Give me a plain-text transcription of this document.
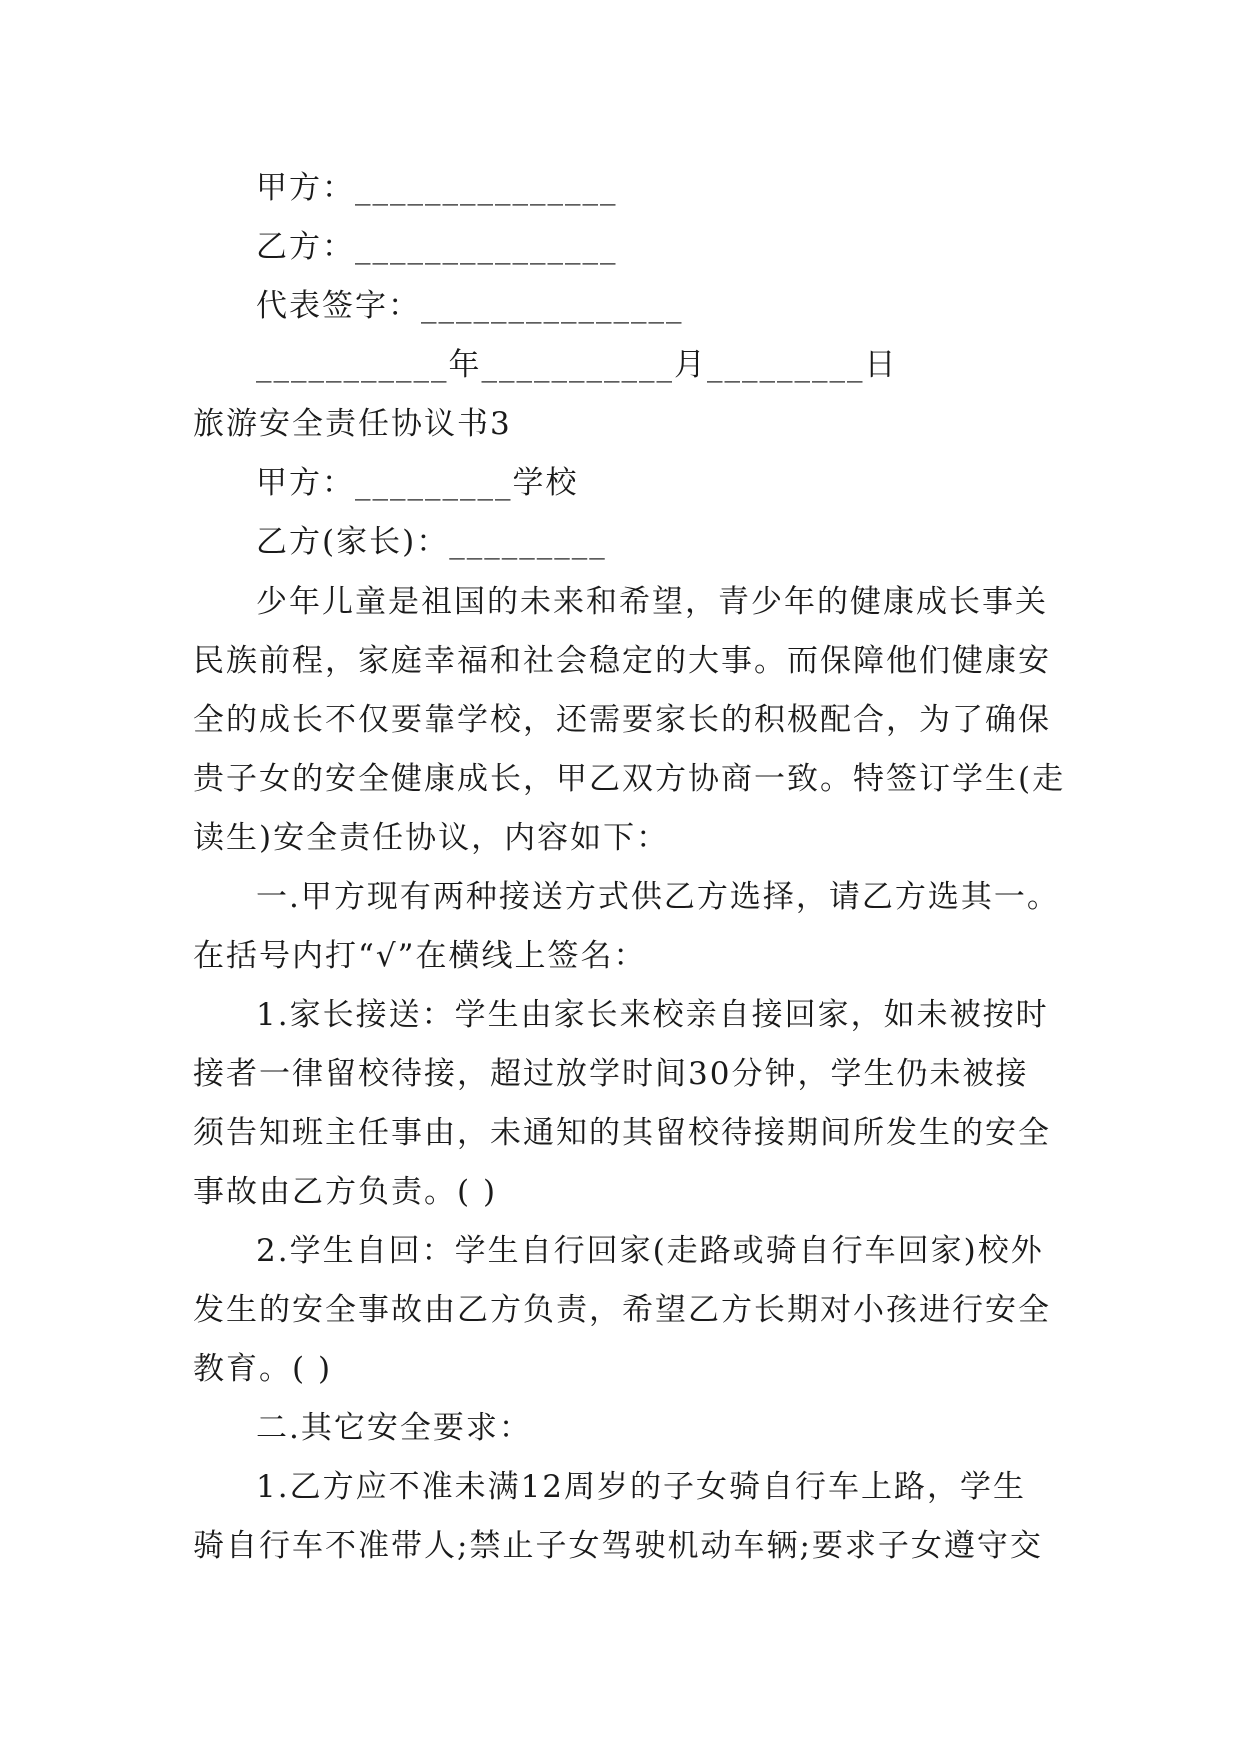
甲方：_______________
乙方：_______________
代表签字：_______________
___________年___________月_________日
旅游安全责任协议书3
甲方：_________学校
乙方(家长)：_________
少年儿童是祖国的未来和希望，青少年的健康成长事关
民族前程，家庭幸福和社会稳定的大事。而保障他们健康安
全的成长不仅要靠学校，还需要家长的积极配合，为了确保
贵子女的安全健康成长，甲乙双方协商一致。特签订学生(走
读生)安全责任协议，内容如下：
一.甲方现有两种接送方式供乙方选择，请乙方选其一。
在括号内打“√”在横线上签名：
1.家长接送：学生由家长来校亲自接回家，如未被按时
接者一律留校待接，超过放学时间30分钟，学生仍未被接
须告知班主任事由，未通知的其留校待接期间所发生的安全
事故由乙方负责。( )
2.学生自回：学生自行回家(走路或骑自行车回家)校外
发生的安全事故由乙方负责，希望乙方长期对小孩进行安全
教育。( )
二.其它安全要求：
1.乙方应不准未满12周岁的子女骑自行车上路，学生
骑自行车不准带人;禁止子女驾驶机动车辆;要求子女遵守交
